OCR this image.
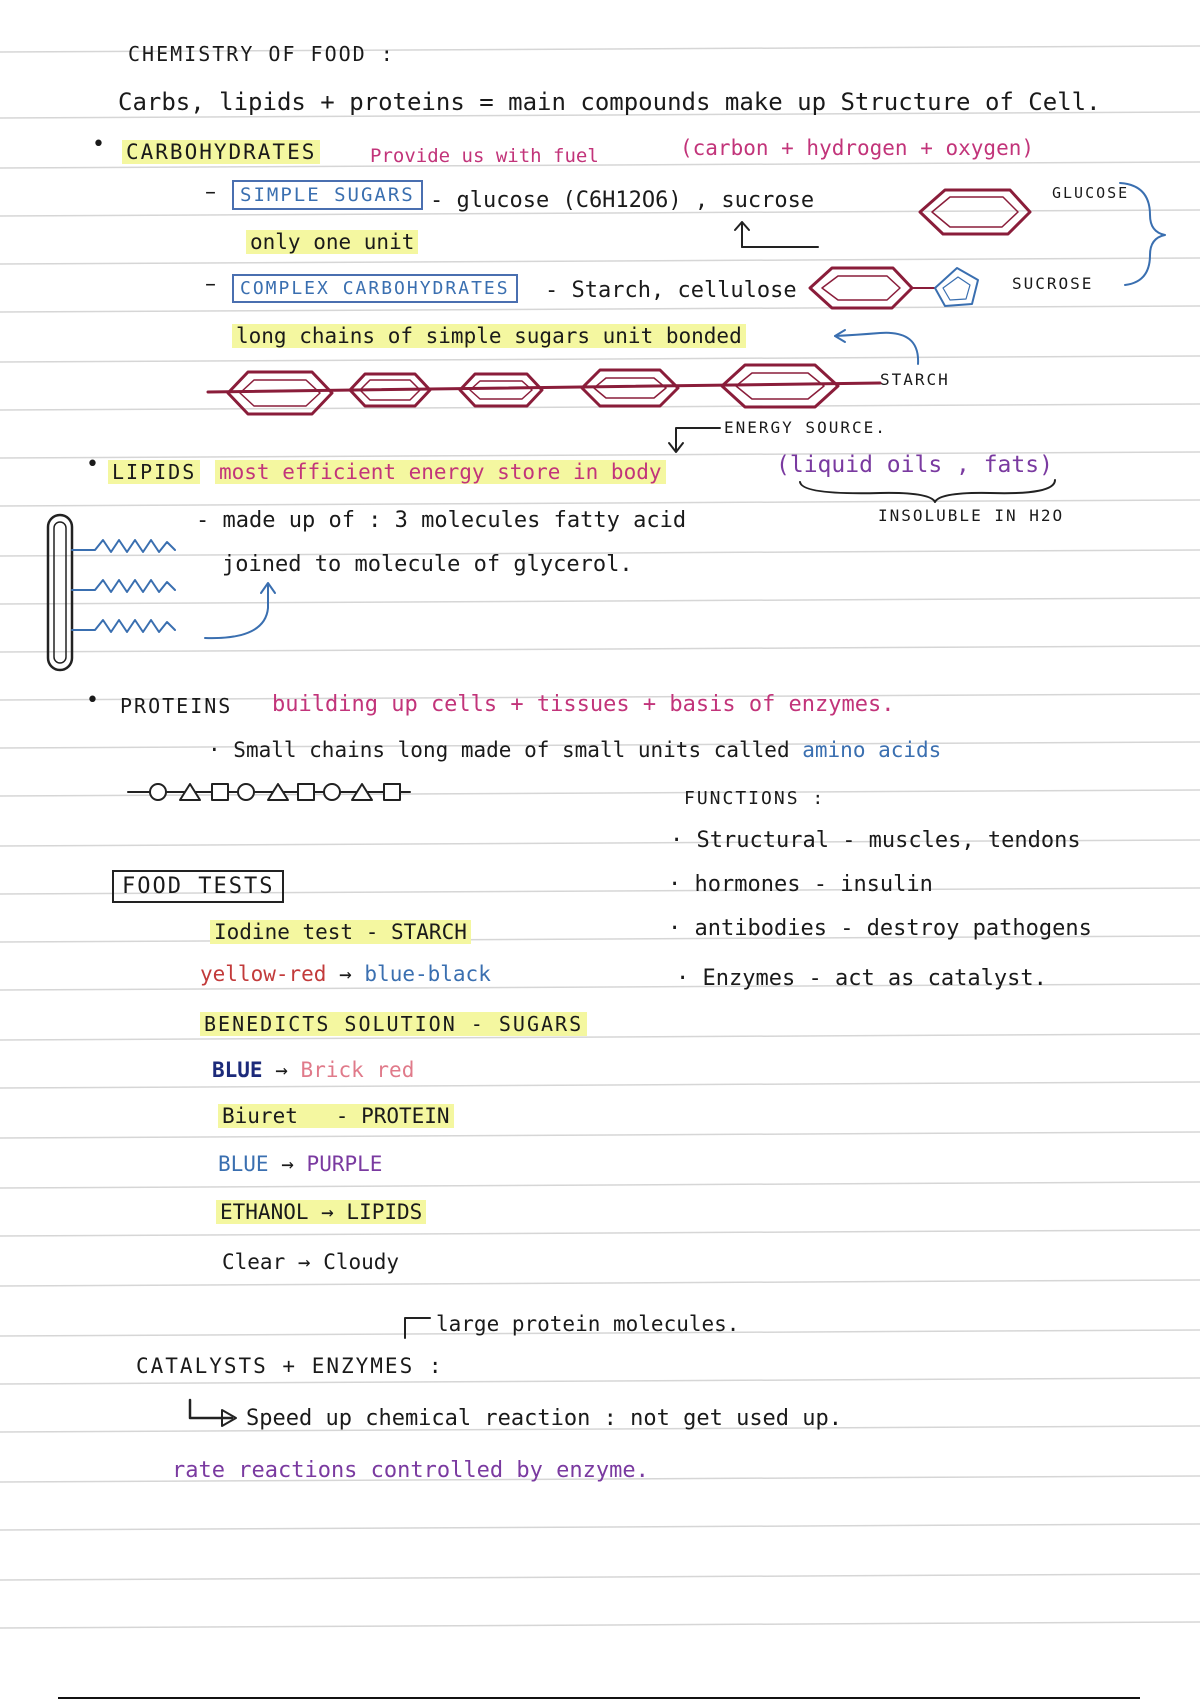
CHEMISTRY OF FOOD :
Carbs, lipids + proteins = main compounds make up Structure of Cell.
• CARBOHYDRATES	Provide us with fuel	(carbon + hydrogen + oxygen)
–	SIMPLE SUGARS - glucose (C6H12O6) , sucrose	GLUCOSE
only one unit
–	COMPLEX CARBOHYDRATES	- Starch, cellulose	SUCROSE
long chains of simple sugars unit bonded
STARCH
ENERGY SOURCE.
• LIPIDS most efficient energy store in body	(liquid oils , fats)
INSOLUBLE IN H2O
- made up of : 3 molecules fatty acid
joined to molecule of glycerol.
• PROTEINS building up cells + tissues + basis of enzymes.
· Small chains long made of small units called amino acids
FUNCTIONS :
· Structural - muscles, tendons
· hormones - insulin
· antibodies - destroy pathogens
· Enzymes - act as catalyst.
FOOD TESTS
Iodine test - STARCH
yellow-red → blue-black
BENEDICTS SOLUTION - SUGARS
BLUE → Brick red
Biuret   - PROTEIN
BLUE → PURPLE
ETHANOL → LIPIDS
Clear → Cloudy
large protein molecules.
CATALYSTS + ENZYMES :
Speed up chemical reaction : not get used up.
rate reactions controlled by enzyme.
